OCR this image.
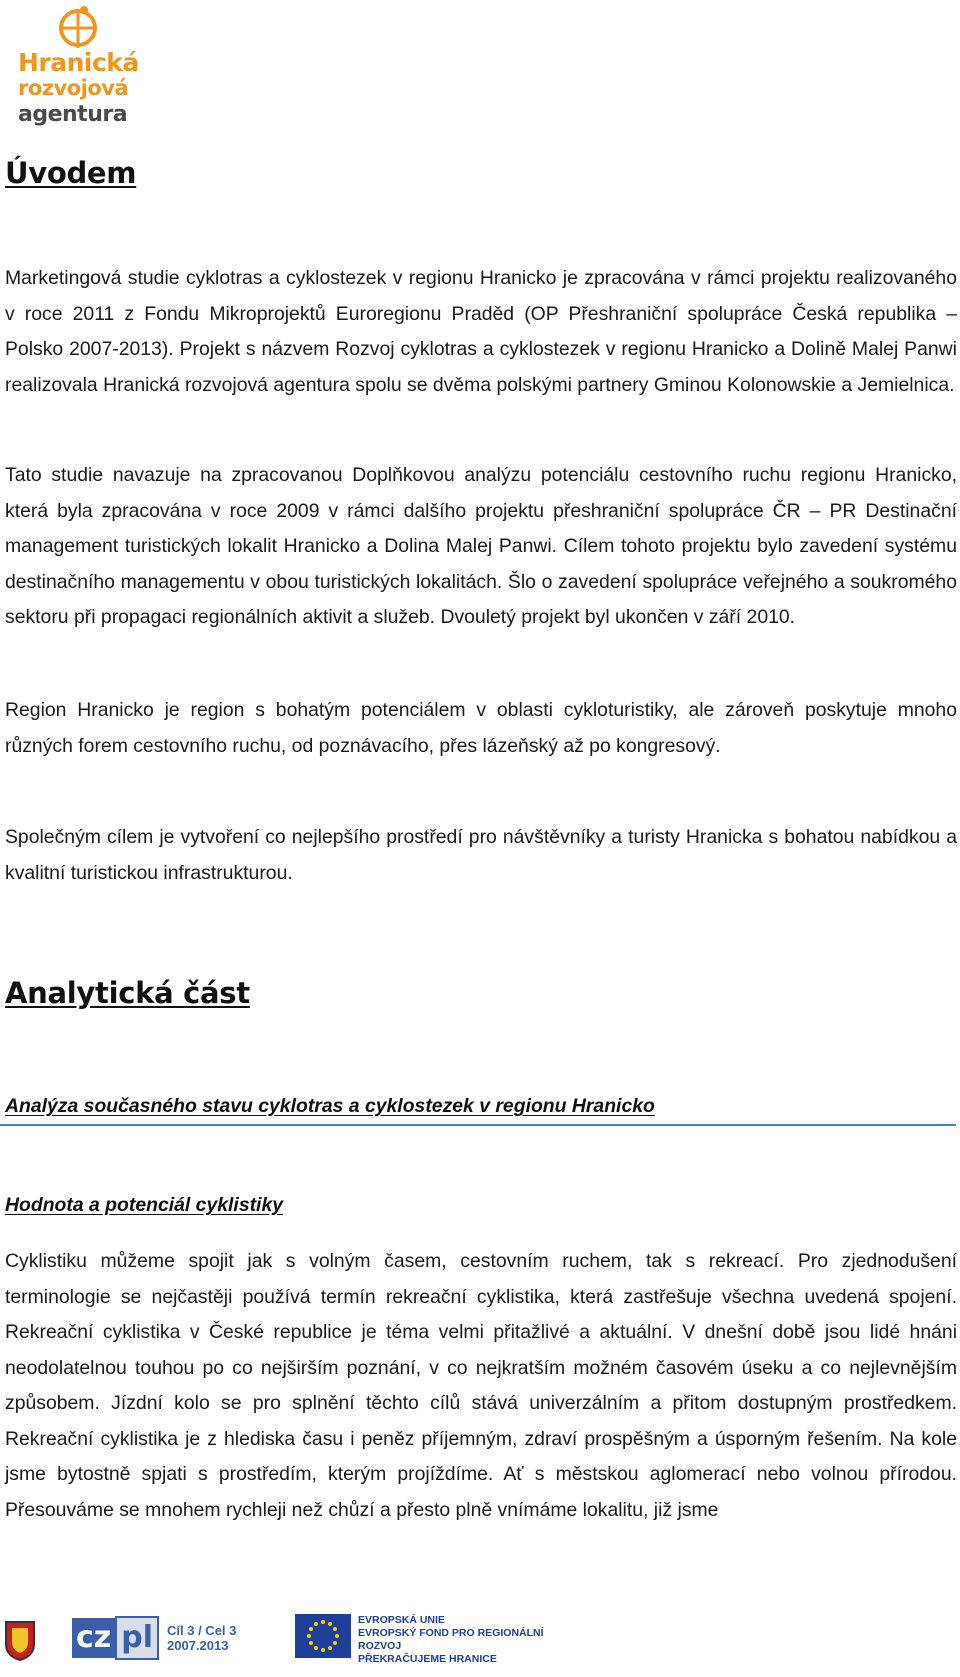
Hranická
rozvojová
agentura
Úvodem

Marketingová studie cyklotras a cyklostezek v regionu Hranicko je zpracována v rámci projektu realizovaného v roce 2011 z Fondu Mikroprojektů Euroregionu Praděd (OP Přeshraniční spolupráce Česká republika – Polsko 2007-2013). Projekt s názvem Rozvoj cyklotras a cyklostezek v regionu Hranicko a Dolině Malej Panwi realizovala Hranická rozvojová agentura spolu se dvěma polskými partnery Gminou Kolonowskie a Jemielnica.

Tato studie navazuje na zpracovanou Doplňkovou analýzu potenciálu cestovního ruchu regionu Hranicko, která byla zpracována v roce 2009 v rámci dalšího projektu přeshraniční spolupráce ČR – PR Destinační management turistických lokalit Hranicko a Dolina Malej Panwi. Cílem tohoto projektu bylo zavedení systému destinačního managementu v obou turistických lokalitách. Šlo o zavedení spolupráce veřejného a soukromého sektoru při propagaci regionálních aktivit a služeb. Dvouletý projekt byl ukončen v září 2010.

Region Hranicko je region s bohatým potenciálem v oblasti cykloturistiky, ale zároveň poskytuje mnoho různých forem cestovního ruchu, od poznávacího, přes lázeňský až po kongresový.

Společným cílem je vytvoření co nejlepšího prostředí pro návštěvníky a turisty Hranicka s bohatou nabídkou a kvalitní turistickou infrastrukturou.

Analytická část
Analýza současného stavu cyklotras a cyklostezek v regionu Hranicko
Hodnota a potenciál cyklistiky

Cyklistiku můžeme spojit jak s volným časem, cestovním ruchem, tak s rekreací. Pro zjednodušení terminologie se nejčastěji používá termín rekreační cyklistika, která zastřešuje všechna uvedená spojení. Rekreační cyklistika v České republice je téma velmi přitažlivé a aktuální. V dnešní době jsou lidé hnáni neodolatelnou touhou po co nejširším poznání, v co nejkratším možném časovém úseku a co nejlevnějším způsobem. Jízdní kolo se pro splnění těchto cílů stává univerzálním a přitom dostupným prostředkem. Rekreační cyklistika je z hlediska času i peněz příjemným, zdraví prospěšným a úsporným řešením. Na kole jsme bytostně spjati s prostředím, kterým projíždíme. Ať s městskou aglomerací nebo volnou přírodou. Přesouváme se mnohem rychleji než chůzí a přesto plně vnímáme lokalitu, již jsme

cz pl	Cíl 3 / Cel 3
2007.2013
EVROPSKÁ UNIE
EVROPSKÝ FOND PRO REGIONÁLNÍ ROZVOJ
PŘEKRAČUJEME HRANICE
